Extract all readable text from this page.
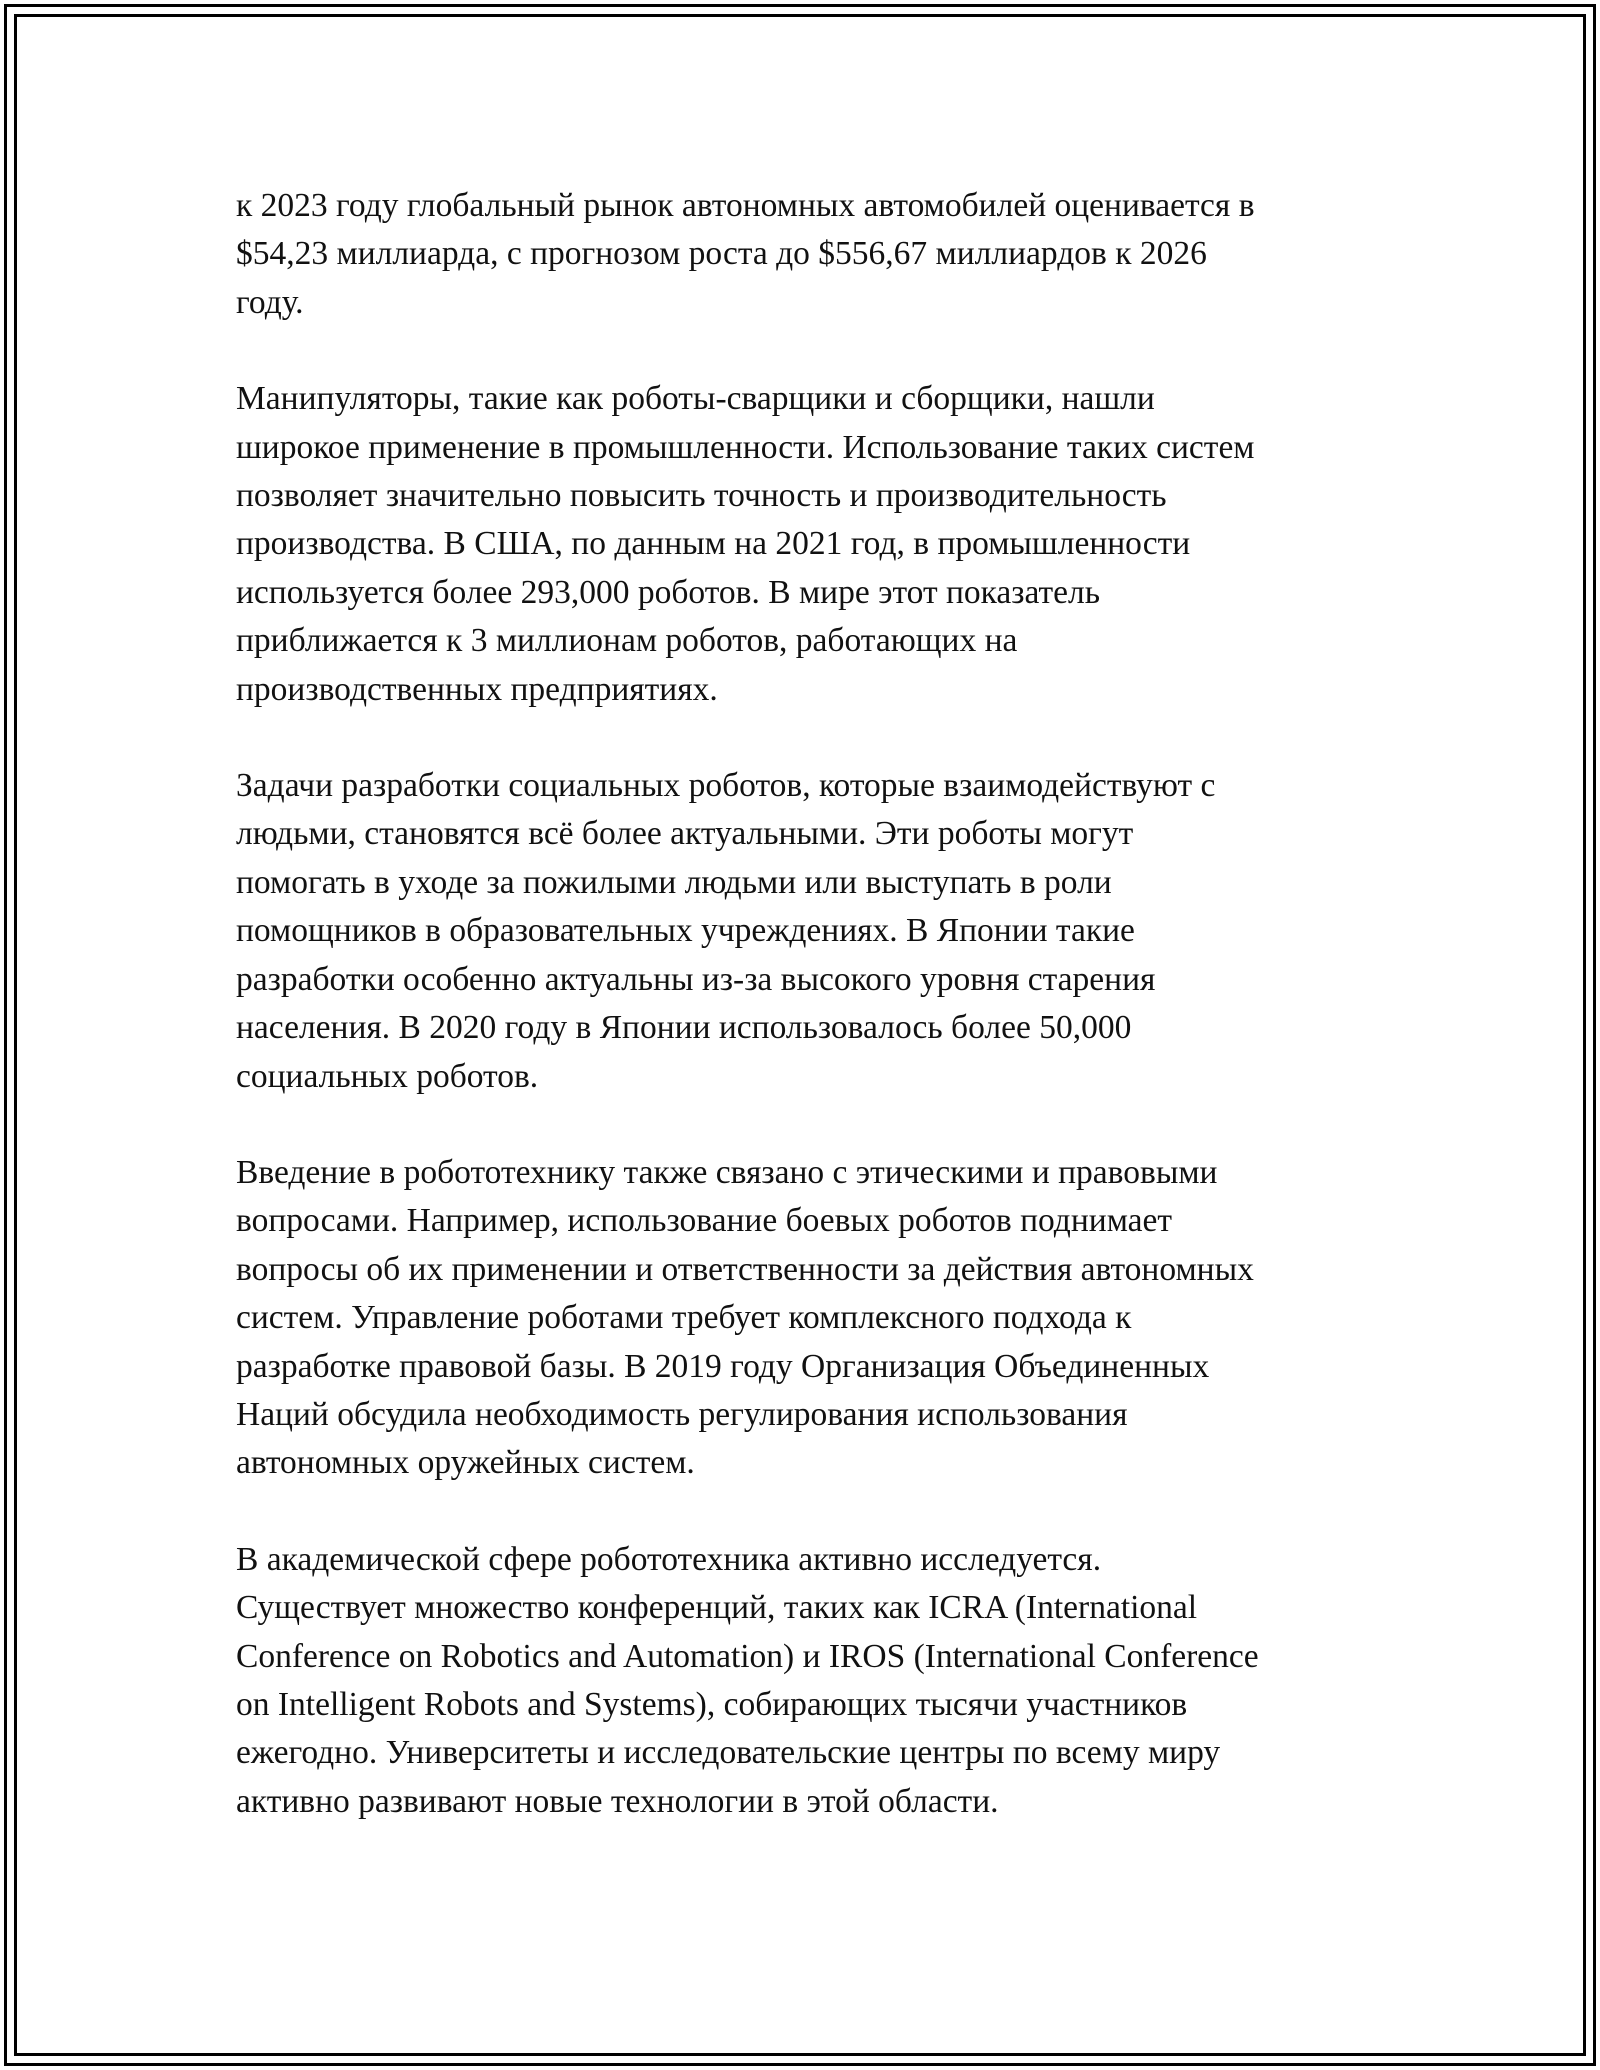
к 2023 году глобальный рынок автономных автомобилей оценивается в
$54,23 миллиарда, с прогнозом роста до $556,67 миллиардов к 2026
году.

Манипуляторы, такие как роботы-сварщики и сборщики, нашли
широкое применение в промышленности. Использование таких систем
позволяет значительно повысить точность и производительность
производства. В США, по данным на 2021 год, в промышленности
используется более 293,000 роботов. В мире этот показатель
приближается к 3 миллионам роботов, работающих на
производственных предприятиях.

Задачи разработки социальных роботов, которые взаимодействуют с
людьми, становятся всё более актуальными. Эти роботы могут
помогать в уходе за пожилыми людьми или выступать в роли
помощников в образовательных учреждениях. В Японии такие
разработки особенно актуальны из-за высокого уровня старения
населения. В 2020 году в Японии использовалось более 50,000
социальных роботов.

Введение в робототехнику также связано с этическими и правовыми
вопросами. Например, использование боевых роботов поднимает
вопросы об их применении и ответственности за действия автономных
систем. Управление роботами требует комплексного подхода к
разработке правовой базы. В 2019 году Организация Объединенных
Наций обсудила необходимость регулирования использования
автономных оружейных систем.

В академической сфере робототехника активно исследуется.
Существует множество конференций, таких как ICRA (International
Conference on Robotics and Automation) и IROS (International Conference
on Intelligent Robots and Systems), собирающих тысячи участников
ежегодно. Университеты и исследовательские центры по всему миру
активно развивают новые технологии в этой области.
